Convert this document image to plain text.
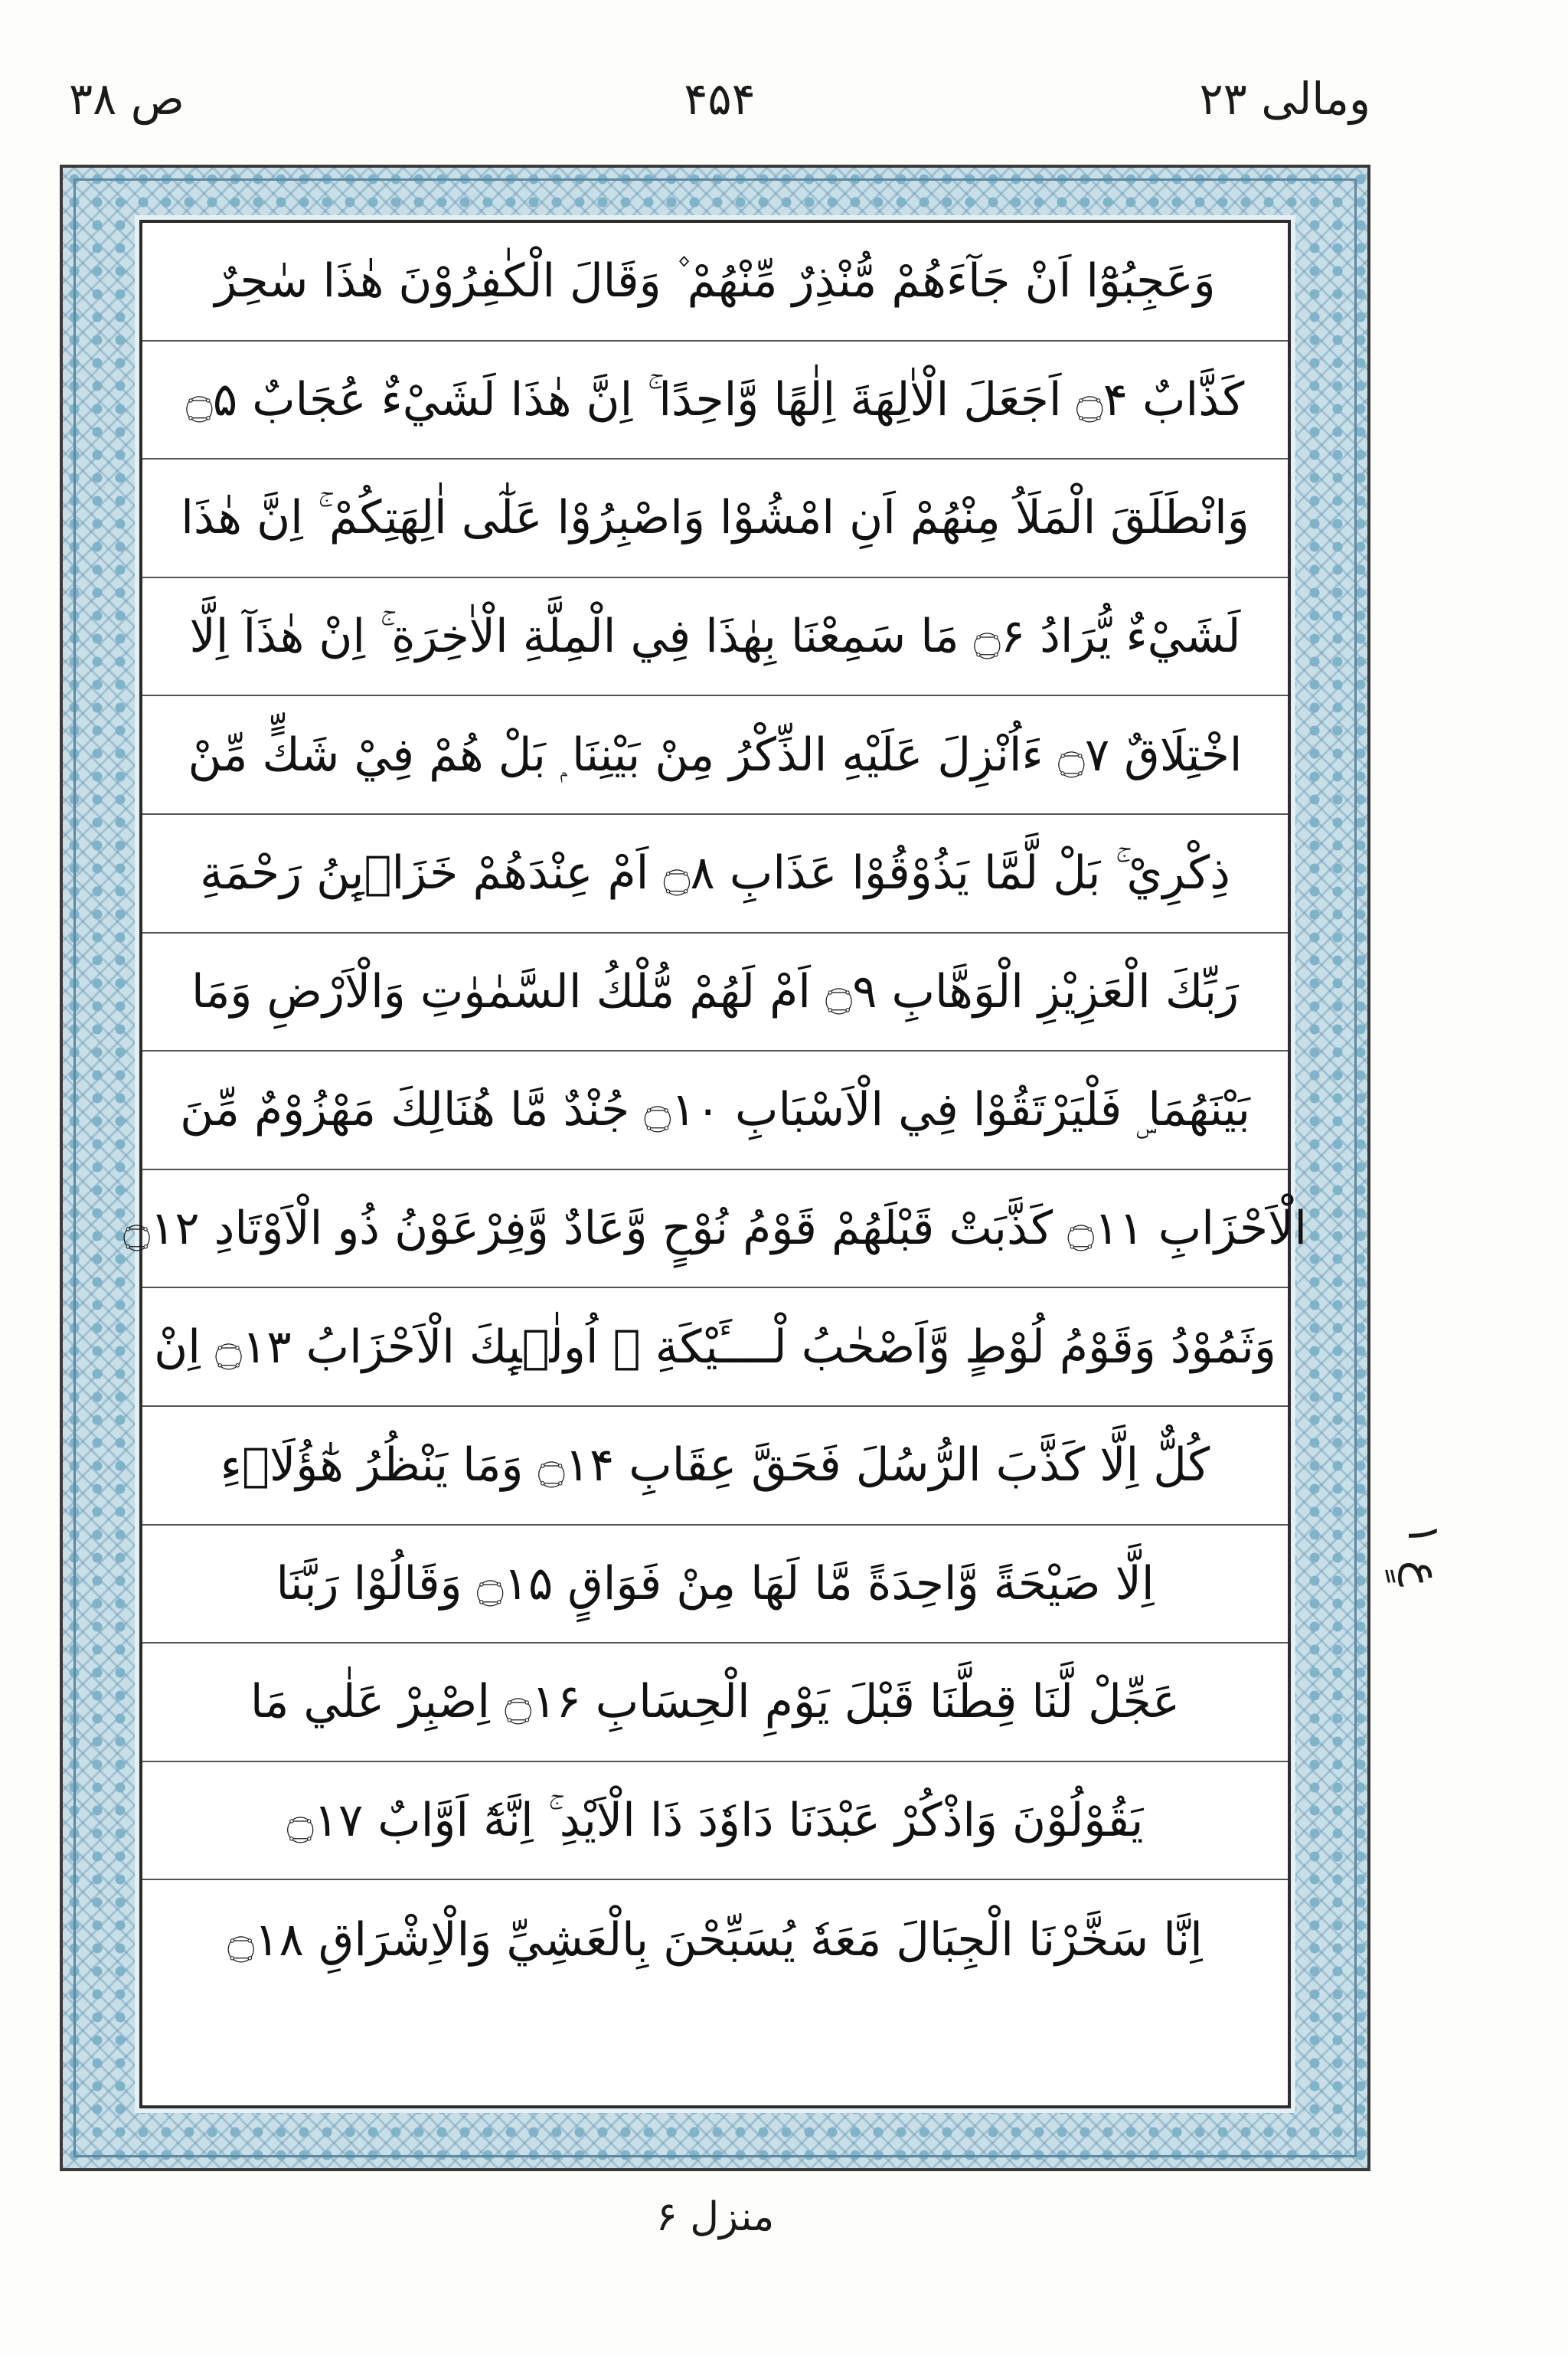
ص ۳۸	۴۵۴	ومالی ۲۳
وَعَجِبُوْٓا اَنْ جَآءَهُمْ مُّنْذِرٌ مِّنْهُمْ ۫ وَقَالَ الْكٰفِرُوْنَ هٰذَا سٰحِرٌ
كَذَّابٌ ۝۴ اَجَعَلَ الْاٰلِهَةَ اِلٰهًا وَّاحِدًا ۚ اِنَّ هٰذَا لَشَيْءٌ عُجَابٌ ۝۵
وَانْطَلَقَ الْمَلَاُ مِنْهُمْ اَنِ امْشُوْا وَاصْبِرُوْا عَلٰٓى اٰلِهَتِكُمْ ۚ اِنَّ هٰذَا
لَشَيْءٌ يُّرَادُ ۝۶ مَا سَمِعْنَا بِهٰذَا فِي الْمِلَّةِ الْاٰخِرَةِ ۚ اِنْ هٰذَآ اِلَّا
اخْتِلَاقٌ ۝۷ ءَاُنْزِلَ عَلَيْهِ الذِّكْرُ مِنْ بَيْنِنَا ۭ بَلْ هُمْ فِيْ شَكٍّ مِّنْ
ذِكْرِيْ ۚ بَلْ لَّمَّا يَذُوْقُوْا عَذَابِ ۝۸ اَمْ عِنْدَهُمْ خَزَاۗىِٕنُ رَحْمَةِ
رَبِّكَ الْعَزِيْزِ الْوَهَّابِ ۝۹ اَمْ لَهُمْ مُّلْكُ السَّمٰوٰتِ وَالْاَرْضِ وَمَا
بَيْنَهُمَا ۣ فَلْيَرْتَقُوْا فِي الْاَسْبَابِ ۝۱۰ جُنْدٌ مَّا هُنَالِكَ مَهْزُوْمٌ مِّنَ
الْاَحْزَابِ ۝۱۱ كَذَّبَتْ قَبْلَهُمْ قَوْمُ نُوْحٍ وَّعَادٌ وَّفِرْعَوْنُ ذُو الْاَوْتَادِ ۝۱۲
وَثَمُوْدُ وَقَوْمُ لُوْطٍ وَّاَصْحٰبُ لْــــَٔيْكَةِ ۭ اُولٰۗىِٕكَ الْاَحْزَابُ ۝۱۳ اِنْ
كُلٌّ اِلَّا كَذَّبَ الرُّسُلَ فَحَقَّ عِقَابِ ۝۱۴ وَمَا يَنْظُرُ هٰٓؤُلَاۗءِ
اِلَّا صَيْحَةً وَّاحِدَةً مَّا لَهَا مِنْ فَوَاقٍ ۝۱۵ وَقَالُوْا رَبَّنَا
عَجِّلْ لَّنَا قِطَّنَا قَبْلَ يَوْمِ الْحِسَابِ ۝۱۶ اِصْبِرْ عَلٰي مَا
يَقُوْلُوْنَ وَاذْكُرْ عَبْدَنَا دَاوٗدَ ذَا الْاَيْدِ ۚ اِنَّهٗٓ اَوَّابٌ ۝۱۷
اِنَّا سَخَّرْنَا الْجِبَالَ مَعَهٗ يُسَبِّحْنَ بِالْعَشِيِّ وَالْاِشْرَاقِ ۝۱۸
عٍ ۱
منزل ۶
